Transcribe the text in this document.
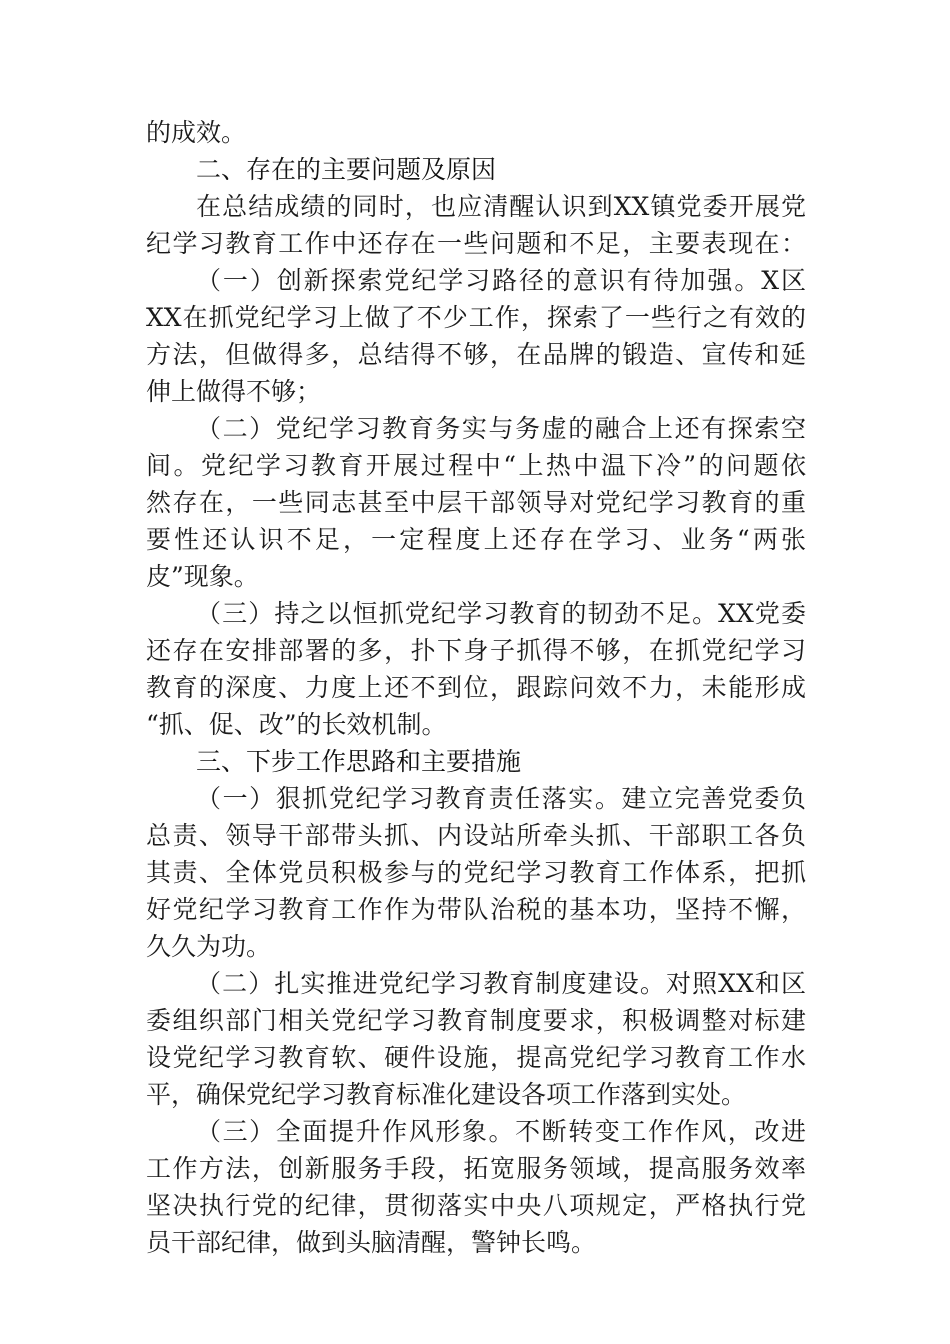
的成效。
二、存在的主要问题及原因
在总结成绩的同时，也应清醒认识到XX镇党委开展党
纪学习教育工作中还存在一些问题和不足，主要表现在：
（一）创新探索党纪学习路径的意识有待加强。X区
XX在抓党纪学习上做了不少工作，探索了一些行之有效的
方法，但做得多，总结得不够，在品牌的锻造、宣传和延
伸上做得不够；
（二）党纪学习教育务实与务虚的融合上还有探索空
间。党纪学习教育开展过程中“上热中温下冷”的问题依
然存在，一些同志甚至中层干部领导对党纪学习教育的重
要性还认识不足，一定程度上还存在学习、业务“两张
皮”现象。
（三）持之以恒抓党纪学习教育的韧劲不足。XX党委
还存在安排部署的多，扑下身子抓得不够，在抓党纪学习
教育的深度、力度上还不到位，跟踪问效不力，未能形成
“抓、促、改”的长效机制。
三、下步工作思路和主要措施
（一）狠抓党纪学习教育责任落实。建立完善党委负
总责、领导干部带头抓、内设站所牵头抓、干部职工各负
其责、全体党员积极参与的党纪学习教育工作体系，把抓
好党纪学习教育工作作为带队治税的基本功，坚持不懈，
久久为功。
（二）扎实推进党纪学习教育制度建设。对照XX和区
委组织部门相关党纪学习教育制度要求，积极调整对标建
设党纪学习教育软、硬件设施，提高党纪学习教育工作水
平，确保党纪学习教育标准化建设各项工作落到实处。
（三）全面提升作风形象。不断转变工作作风，改进
工作方法，创新服务手段，拓宽服务领域，提高服务效率
坚决执行党的纪律，贯彻落实中央八项规定，严格执行党
员干部纪律，做到头脑清醒，警钟长鸣。
